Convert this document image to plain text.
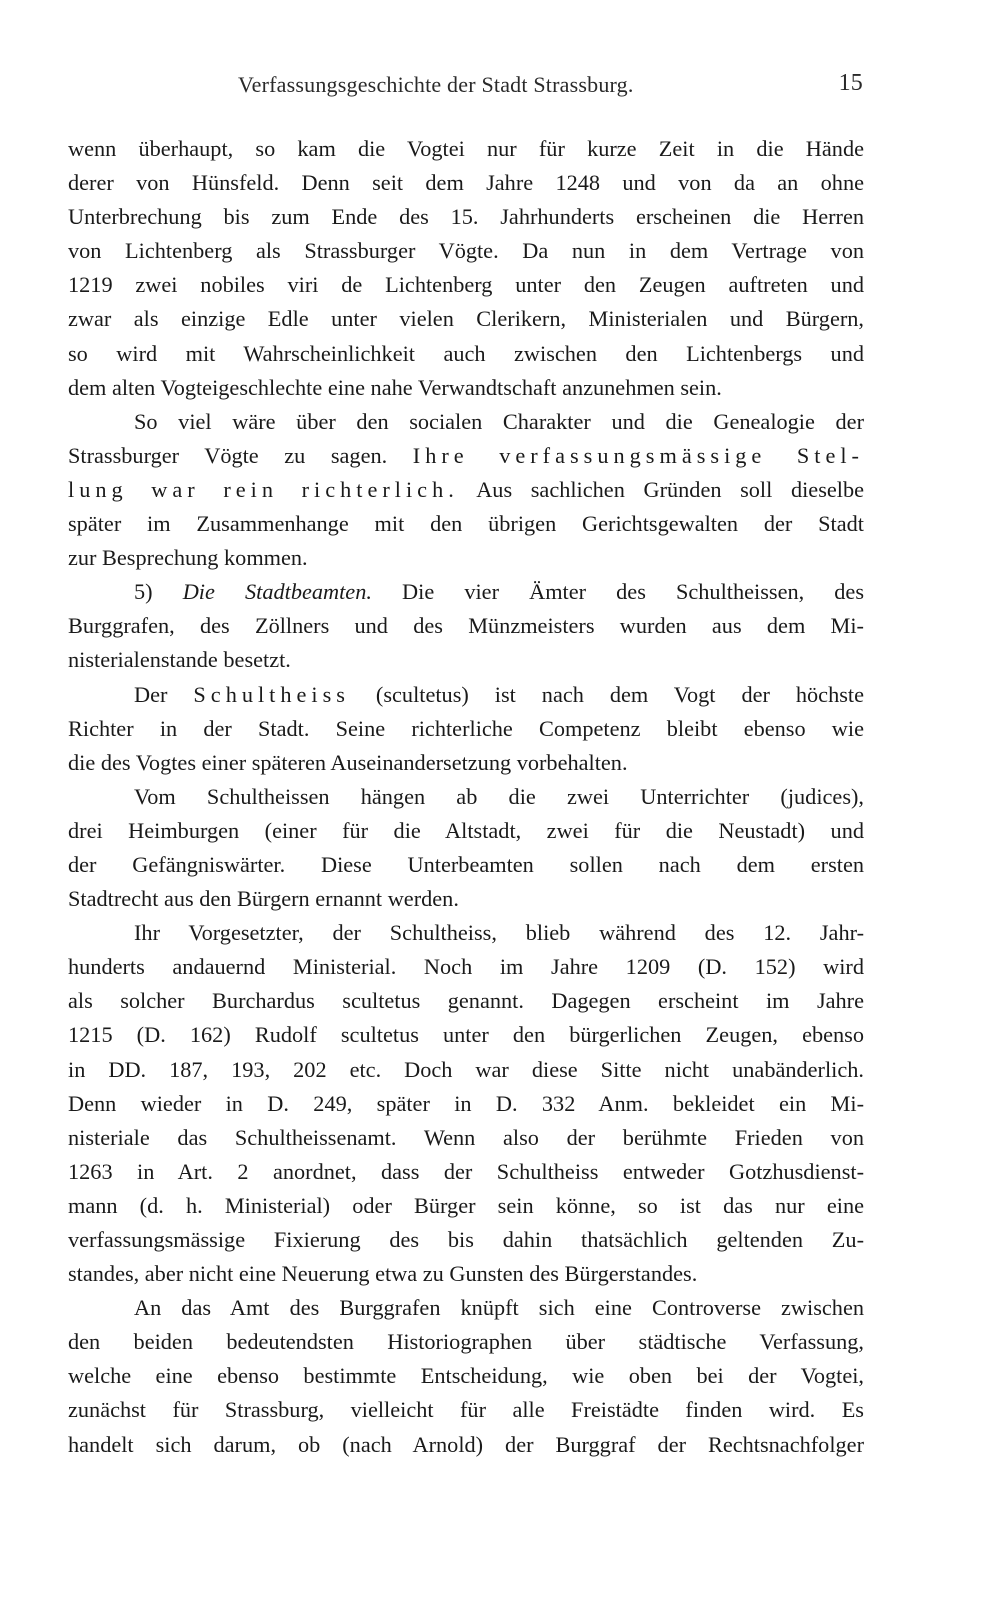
Verfassungsgeschichte der Stadt Strassburg.	15
wenn überhaupt, so kam die Vogtei nur für kurze Zeit in die Hände
derer von Hünsfeld. Denn seit dem Jahre 1248 und von da an ohne
Unterbrechung bis zum Ende des 15. Jahrhunderts erscheinen die Herren
von Lichtenberg als Strassburger Vögte. Da nun in dem Vertrage von
1219 zwei nobiles viri de Lichtenberg unter den Zeugen auftreten und
zwar als einzige Edle unter vielen Clerikern, Ministerialen und Bürgern,
so wird mit Wahrscheinlichkeit auch zwischen den Lichtenbergs und
dem alten Vogteigeschlechte eine nahe Verwandtschaft anzunehmen sein.
So viel wäre über den socialen Charakter und die Genealogie der
Strassburger Vögte zu sagen. Ihre verfassungsmässige Stel-
lung war rein richterlich. Aus sachlichen Gründen soll dieselbe
später im Zusammenhange mit den übrigen Gerichtsgewalten der Stadt
zur Besprechung kommen.
5) Die Stadtbeamten. Die vier Ämter des Schultheissen, des
Burggrafen, des Zöllners und des Münzmeisters wurden aus dem Mi-
nisterialenstande besetzt.
Der Schultheiss (scultetus) ist nach dem Vogt der höchste
Richter in der Stadt. Seine richterliche Competenz bleibt ebenso wie
die des Vogtes einer späteren Auseinandersetzung vorbehalten.
Vom Schultheissen hängen ab die zwei Unterrichter (judices),
drei Heimburgen (einer für die Altstadt, zwei für die Neustadt) und
der Gefängniswärter. Diese Unterbeamten sollen nach dem ersten
Stadtrecht aus den Bürgern ernannt werden.
Ihr Vorgesetzter, der Schultheiss, blieb während des 12. Jahr-
hunderts andauernd Ministerial. Noch im Jahre 1209 (D. 152) wird
als solcher Burchardus scultetus genannt. Dagegen erscheint im Jahre
1215 (D. 162) Rudolf scultetus unter den bürgerlichen Zeugen, ebenso
in DD. 187, 193, 202 etc. Doch war diese Sitte nicht unabänderlich.
Denn wieder in D. 249, später in D. 332 Anm. bekleidet ein Mi-
nisteriale das Schultheissenamt. Wenn also der berühmte Frieden von
1263 in Art. 2 anordnet, dass der Schultheiss entweder Gotzhusdienst-
mann (d. h. Ministerial) oder Bürger sein könne, so ist das nur eine
verfassungsmässige Fixierung des bis dahin thatsächlich geltenden Zu-
standes, aber nicht eine Neuerung etwa zu Gunsten des Bürgerstandes.
An das Amt des Burggrafen knüpft sich eine Controverse zwischen
den beiden bedeutendsten Historiographen über städtische Verfassung,
welche eine ebenso bestimmte Entscheidung, wie oben bei der Vogtei,
zunächst für Strassburg, vielleicht für alle Freistädte finden wird. Es
handelt sich darum, ob (nach Arnold) der Burggraf der Rechtsnachfolger
